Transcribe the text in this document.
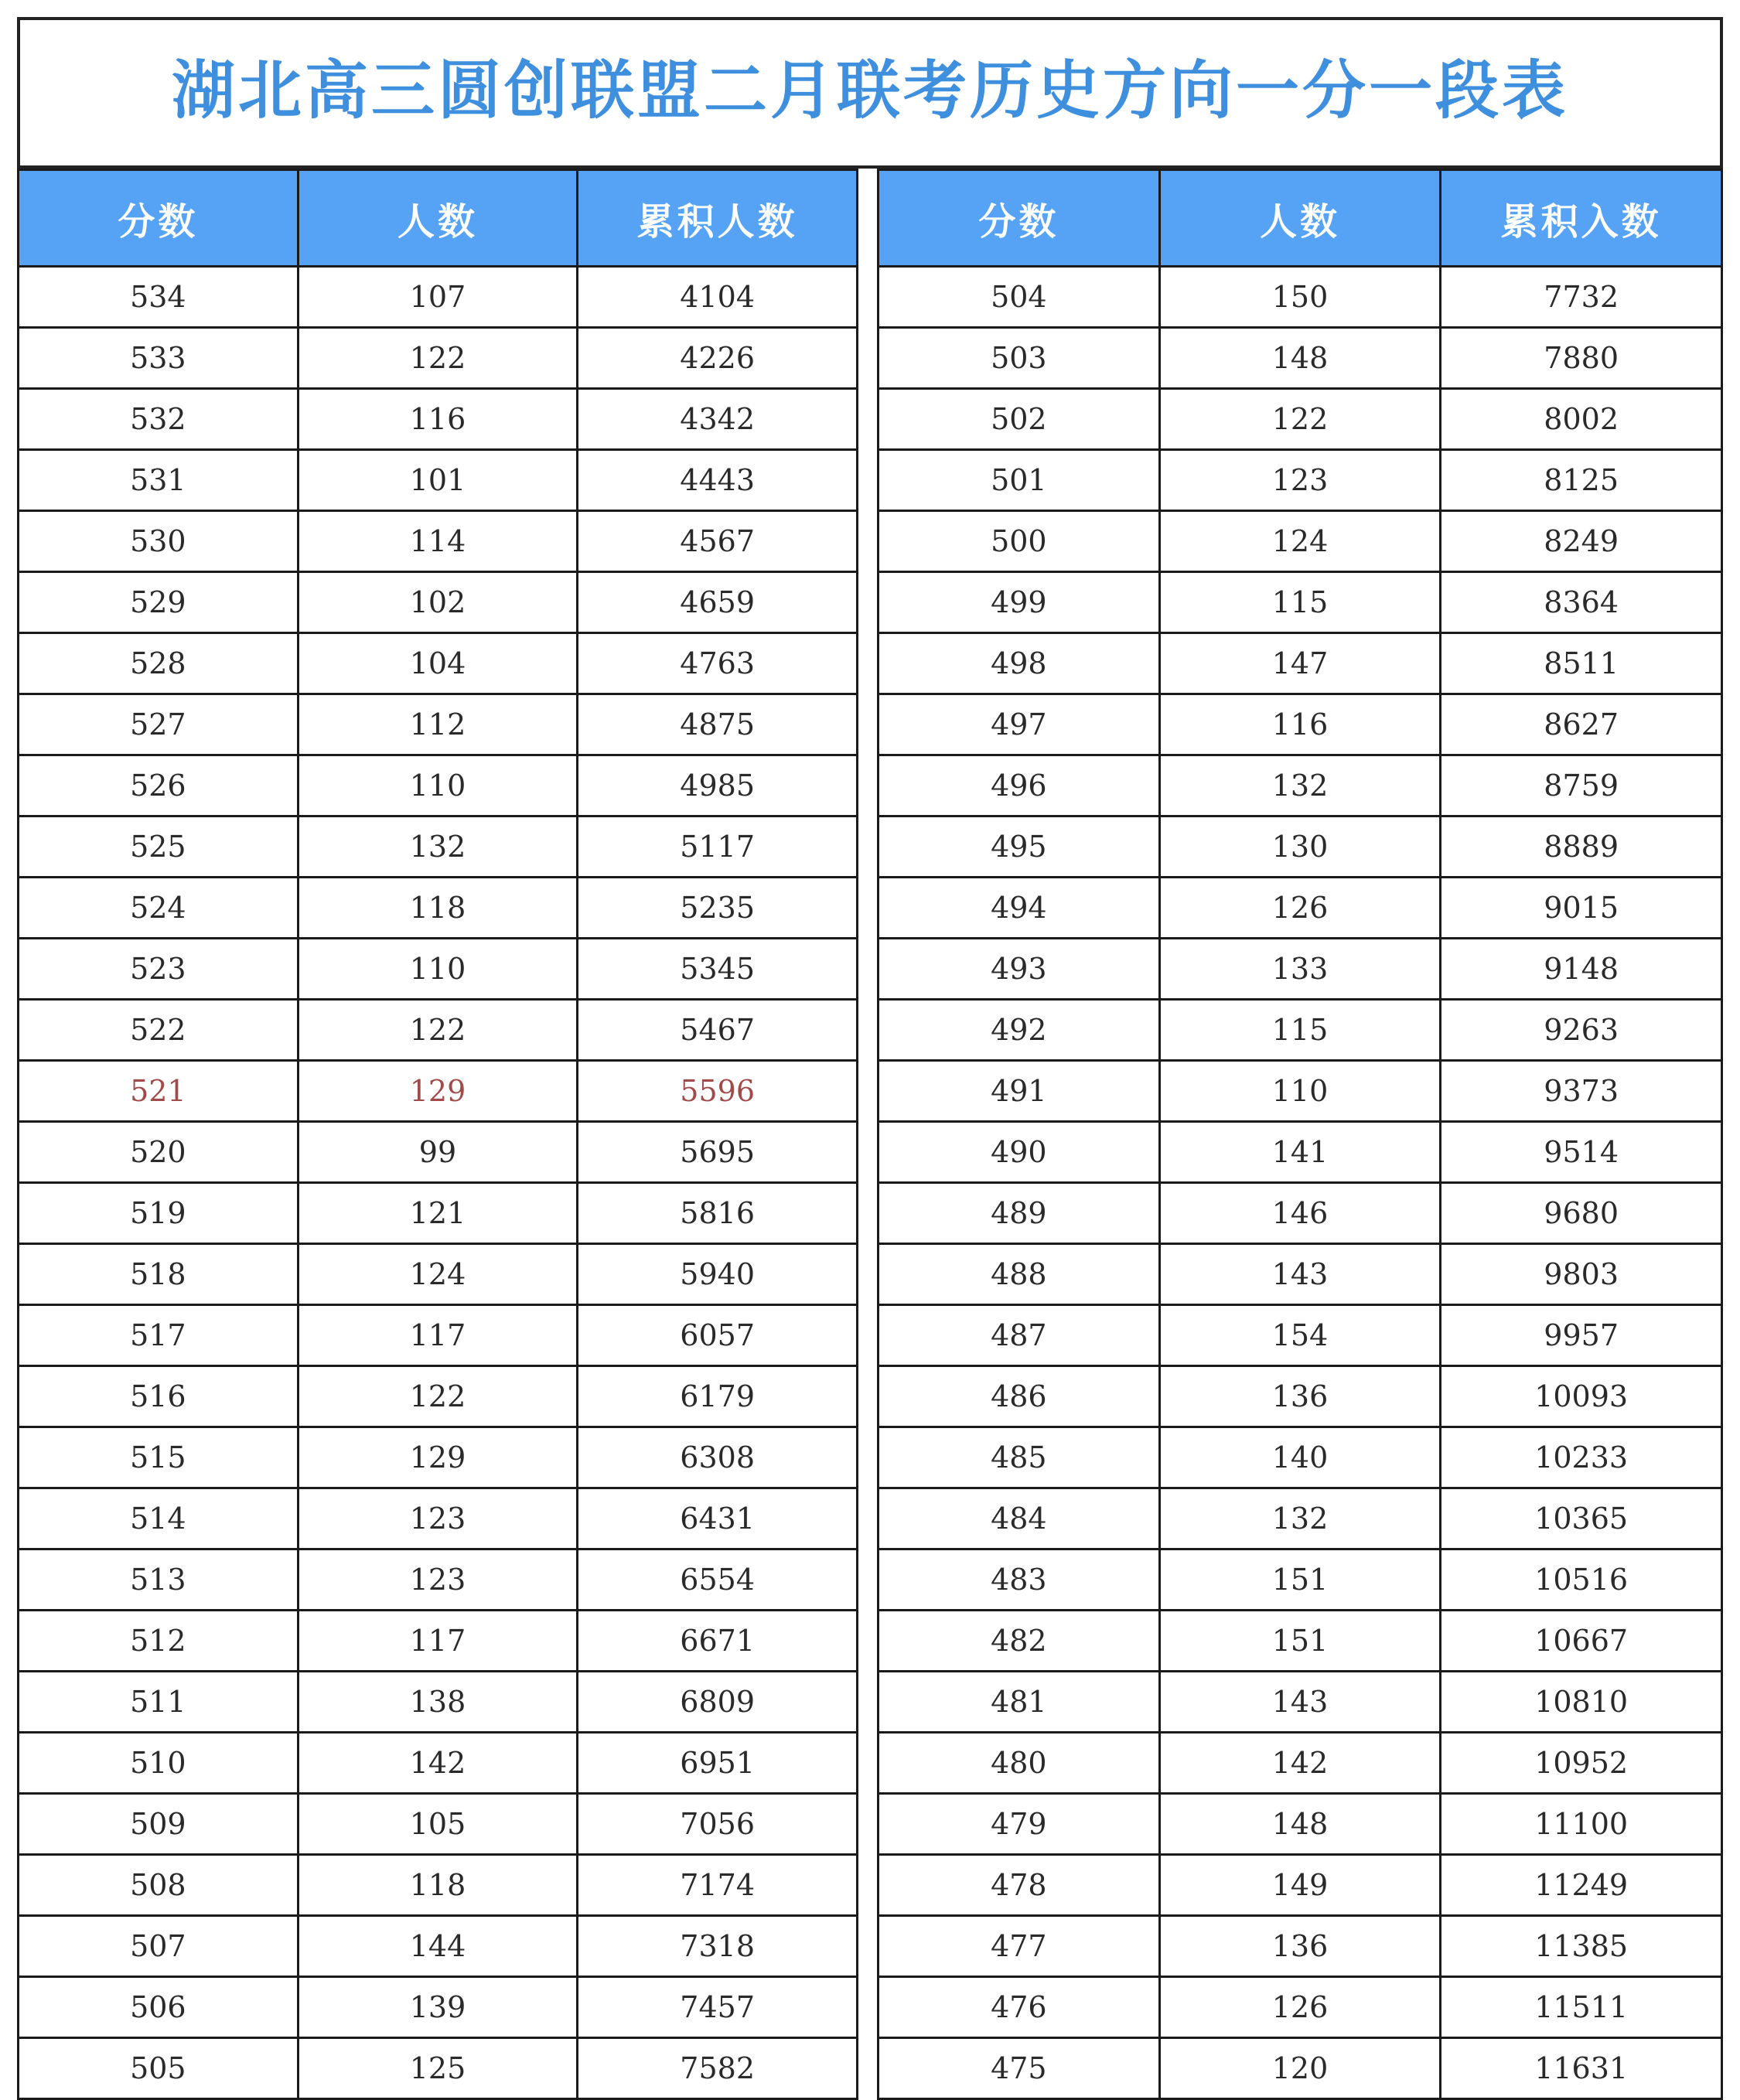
湖北高三圆创联盟二月联考历史方向一分一段表
分数	人数	累积人数
534	107	4104
533	122	4226
532	116	4342
531	101	4443
530	114	4567
529	102	4659
528	104	4763
527	112	4875
526	110	4985
525	132	5117
524	118	5235
523	110	5345
522	122	5467
521	129	5596
520	99	5695
519	121	5816
518	124	5940
517	117	6057
516	122	6179
515	129	6308
514	123	6431
513	123	6554
512	117	6671
511	138	6809
510	142	6951
509	105	7056
508	118	7174
507	144	7318
506	139	7457
505	125	7582
分数	人数	累积入数
504	150	7732
503	148	7880
502	122	8002
501	123	8125
500	124	8249
499	115	8364
498	147	8511
497	116	8627
496	132	8759
495	130	8889
494	126	9015
493	133	9148
492	115	9263
491	110	9373
490	141	9514
489	146	9680
488	143	9803
487	154	9957
486	136	10093
485	140	10233
484	132	10365
483	151	10516
482	151	10667
481	143	10810
480	142	10952
479	148	11100
478	149	11249
477	136	11385
476	126	11511
475	120	11631
